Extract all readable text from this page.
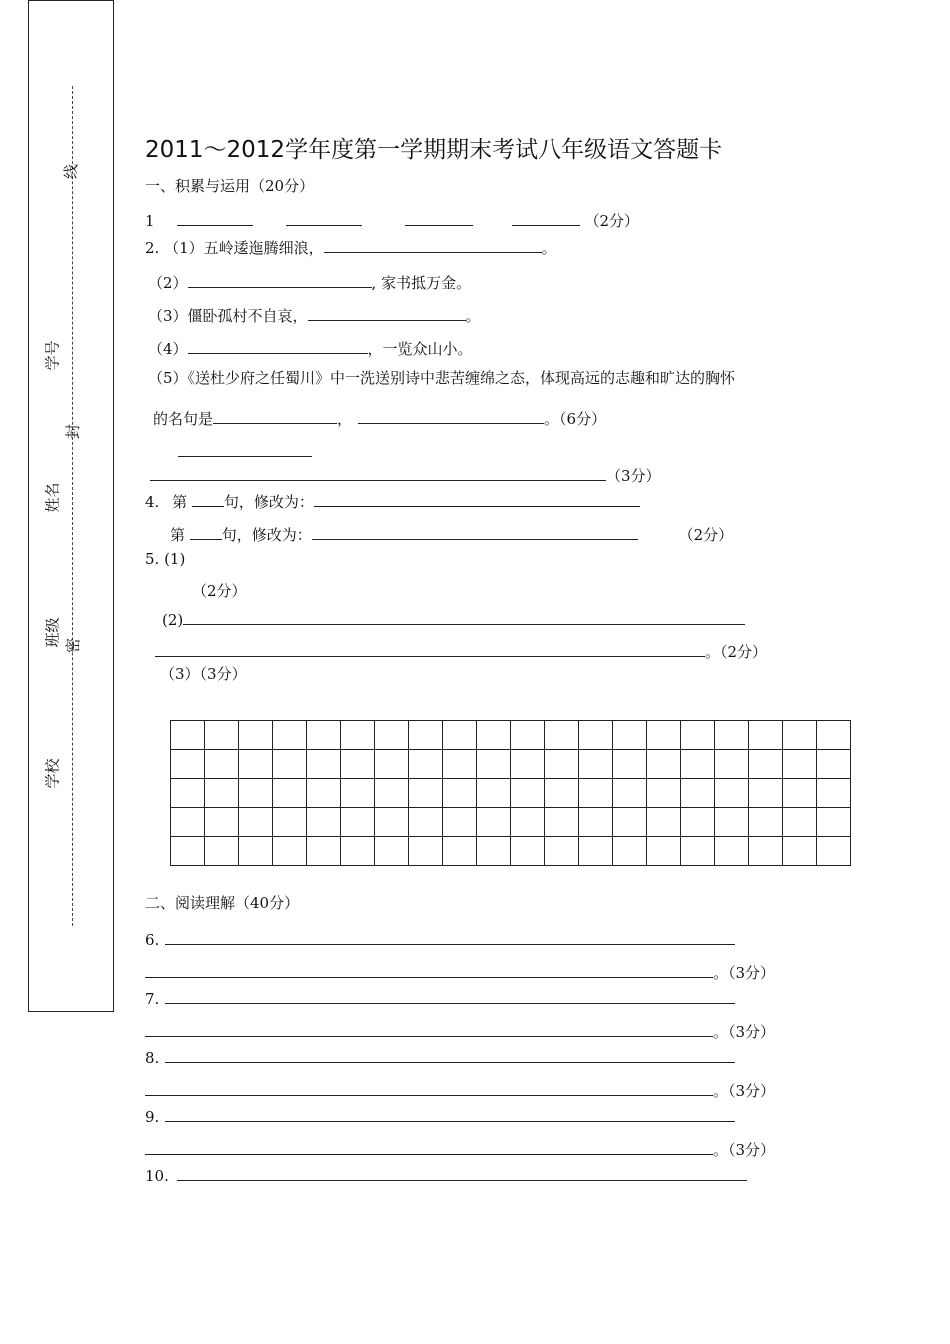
线
学号
封
姓名
班级 密
学校
2011～2012学年度第一学期期末考试八年级语文答题卡
一、积累与运用（20分）
1	（2分）
2. （1）五岭逶迤腾细浪，	。
（2）	, 家书抵万金。
（3）僵卧孤村不自哀，	。
（4）	，一览众山小。
（5）《送杜少府之任蜀川》中一洗送别诗中悲苦缠绵之态，体现高远的志趣和旷达的胸怀
的名句是	，	。（6分）
（3分）
4. 第 句，修改为：
第 句，修改为：	（2分）
5. (1)
（2分）
(2)
。（2分）
（3）（3分）

二、阅读理解（40分）
6.
。（3分）
7.
。（3分）
8.
。（3分）
9.
。（3分）
10.
